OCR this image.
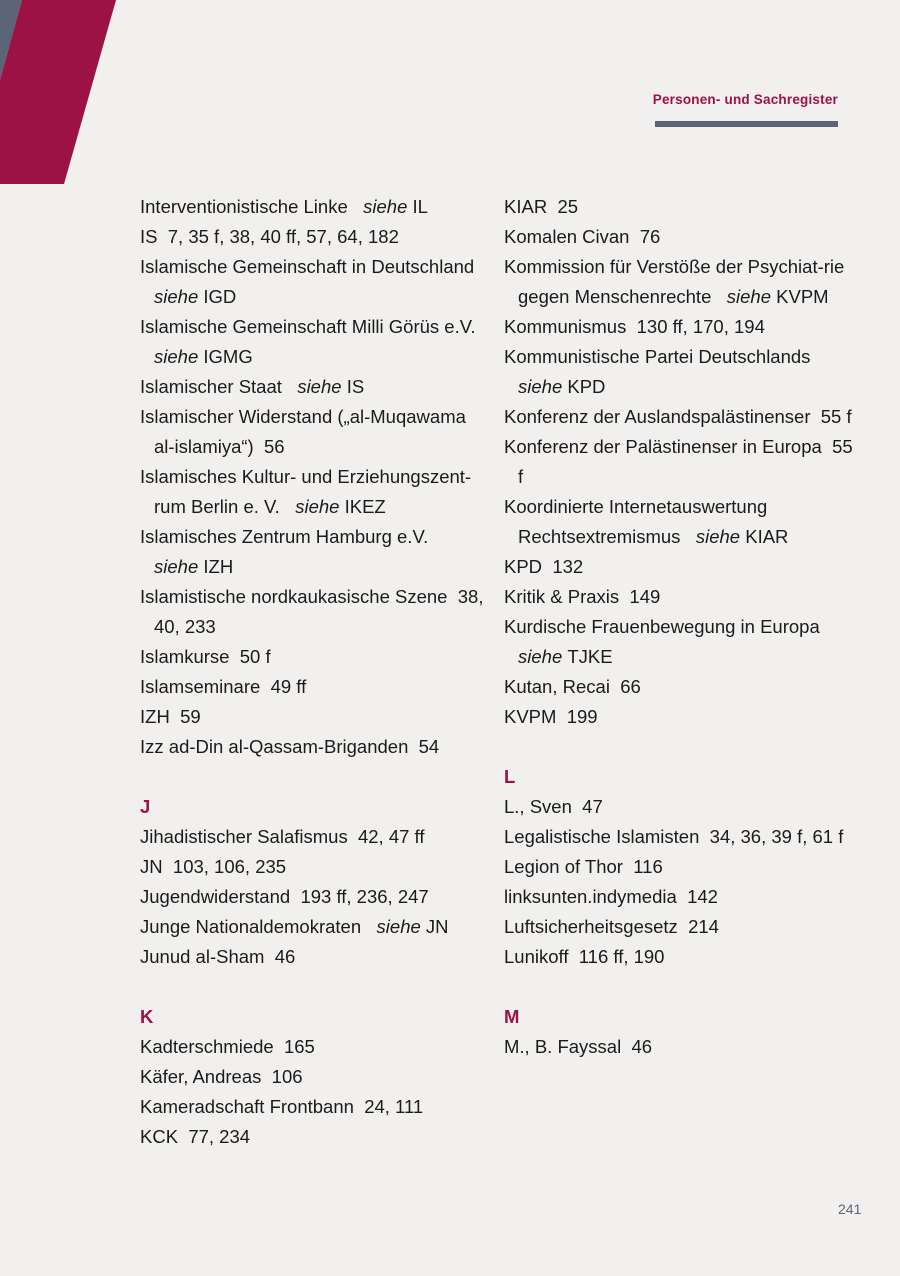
Personen- und Sachregister
Interventionistische Linke siehe IL
IS 7, 35 f, 38, 40 ff, 57, 64, 182
Islamische Gemeinschaft in Deutschland   siehe IGD
Islamische Gemeinschaft Milli Görüs e.V.   siehe IGMG
Islamischer Staat siehe IS
Islamischer Widerstand („al-Muqawama al-islamiya“) 56
Islamisches Kultur- und Erziehungszent-rum Berlin e. V. siehe IKEZ
Islamisches Zentrum Hamburg e.V.   siehe IZH
Islamistische nordkaukasische Szene 38, 40, 233
Islamkurse 50 f
Islamseminare 49 ff
IZH 59
Izz ad-Din al-Qassam-Briganden 54
J
Jihadistischer Salafismus 42, 47 ff
JN 103, 106, 235
Jugendwiderstand 193 ff, 236, 247
Junge Nationaldemokraten siehe JN
Junud al-Sham 46
K
Kadterschmiede 165
Käfer, Andreas 106
Kameradschaft Frontbann 24, 111
KCK 77, 234
KIAR 25
Komalen Civan 76
Kommission für Verstöße der Psychiat-rie gegen Menschenrechte siehe KVPM
Kommunismus 130 ff, 170, 194
Kommunistische Partei Deutschlands   siehe KPD
Konferenz der Auslandspalästinenser 55 f
Konferenz der Palästinenser in Europa 55 f
Koordinierte Internetauswertung Rechtsextremismus siehe KIAR
KPD 132
Kritik & Praxis 149
Kurdische Frauenbewegung in Europa   siehe TJKE
Kutan, Recai 66
KVPM 199
L
L., Sven 47
Legalistische Islamisten 34, 36, 39 f, 61 f
Legion of Thor 116
linksunten.indymedia 142
Luftsicherheitsgesetz 214
Lunikoff 116 ff, 190
M
M., B. Fayssal 46
241
